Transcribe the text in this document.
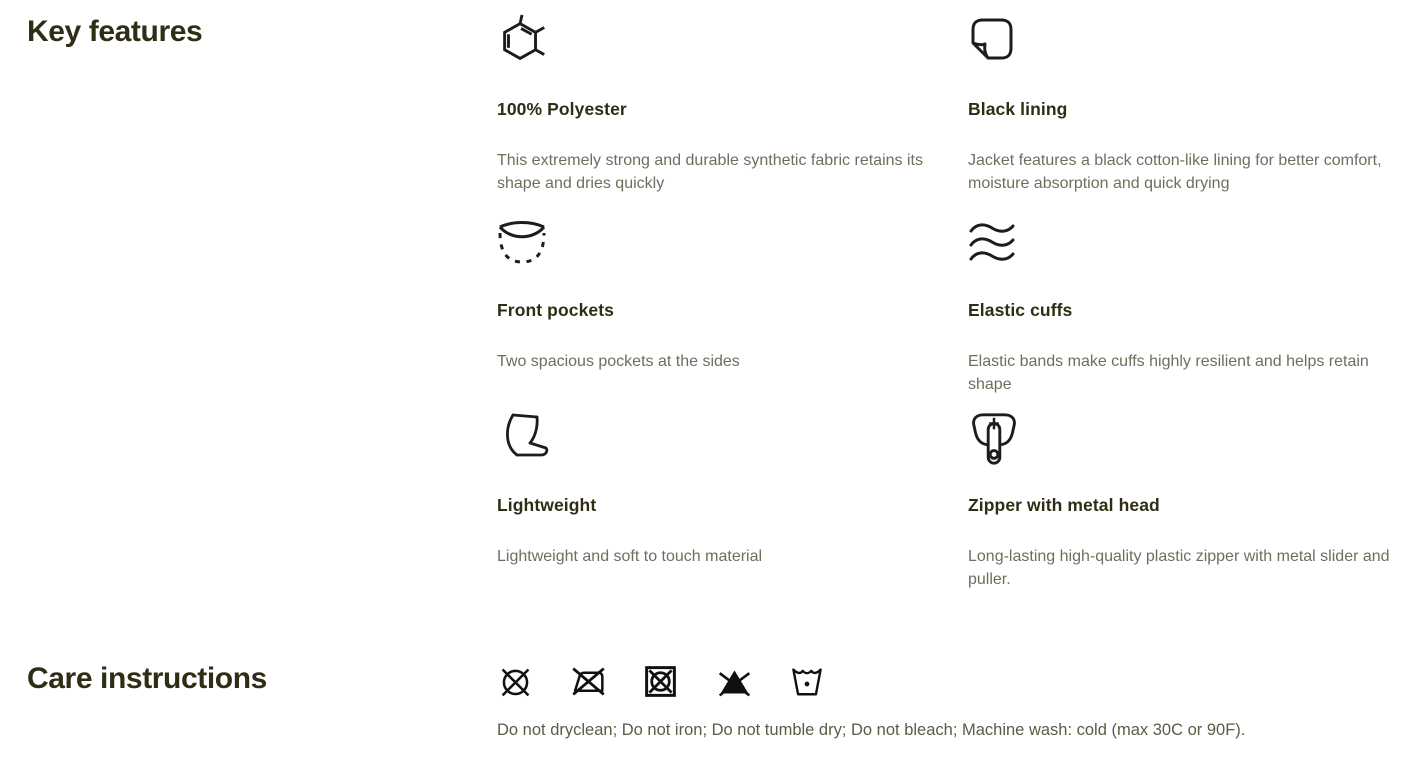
Key features
100% Polyester
This extremely strong and durable synthetic fabric retains its shape and dries quickly
Black lining
Jacket features a black cotton-like lining for better comfort, moisture absorption and quick drying
Front pockets
Two spacious pockets at the sides
Elastic cuffs
Elastic bands make cuffs highly resilient and helps retain shape
Lightweight
Lightweight and soft to touch material
Zipper with metal head
Long-lasting high-quality plastic zipper with metal slider and puller.
Care instructions
Do not dryclean; Do not iron; Do not tumble dry; Do not bleach; Machine wash: cold (max 30C or 90F).
